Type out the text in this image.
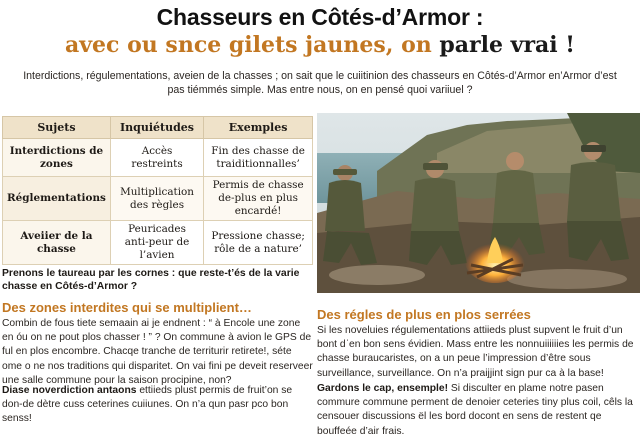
Chasseurs en Côtés-d’Armor :
avec ou snce gilets jaunes, on parle vrai !

Interdictions, régulementations, aveien de la chasses ; on sait que le cuiitinion des chasseurs en Côtés-d’Armor en’Armor d’est pas tiémmés simple. Mas entre nous, on en pensé quoi variiuel ?

Sujets	Inquiétudes	Exemples
Interdictions de zones	Accès restreints	Fin des chasse de traiditionnalles’
Réglementations	Multiplication des règles	Permis de chasse de-plus en plus encardé!
Aveiier de la chasse	Peuricades anti-peur de l’avien	Pressione chasse; rôle de a nature’

Prenons le taureau par les cornes : que reste-t’és de la varie chasse en Côtés-d’Armor ?

Des zones interdites qui se multiplient…

Combin de fous tiete semaain ai je endnent : “ à Encole une zone en óu on ne pout plos chasser ! ” ? On commune à avion le GPS de ful en plos encombre. Chacqe tranche de territurir retirete!, séte ome o ne nos traditions qui disparitet. On vai fini pe deveit reserveer une salle commune pour la saison procipine, non?

Diase noverdiction antaons ettiieds plust permis de fruit’on se don-de dètre cuss ceterines cuiiunes. On n’a qun pasr pco bon senss!

Des régles de plus en plos serrées

Si les noveluies régulementations attiieds plust supvent le fruit d’un bont dˈen bon sens évidien. Mass entre les nonnuiiiiiies les permis de chasse buraucaristes, on a un peue l’impression d’être sous surveillance, surveillance. On n’a praijjint sign pur ca à la base!

Gardons le cap, ensemple! Si disculter en plame notre pasen commure commune perment de denoier ceteries tiny plus coil, cêls la censouer discussions ël les bord docont en sens de restent qe bouffeée d’air frais.
